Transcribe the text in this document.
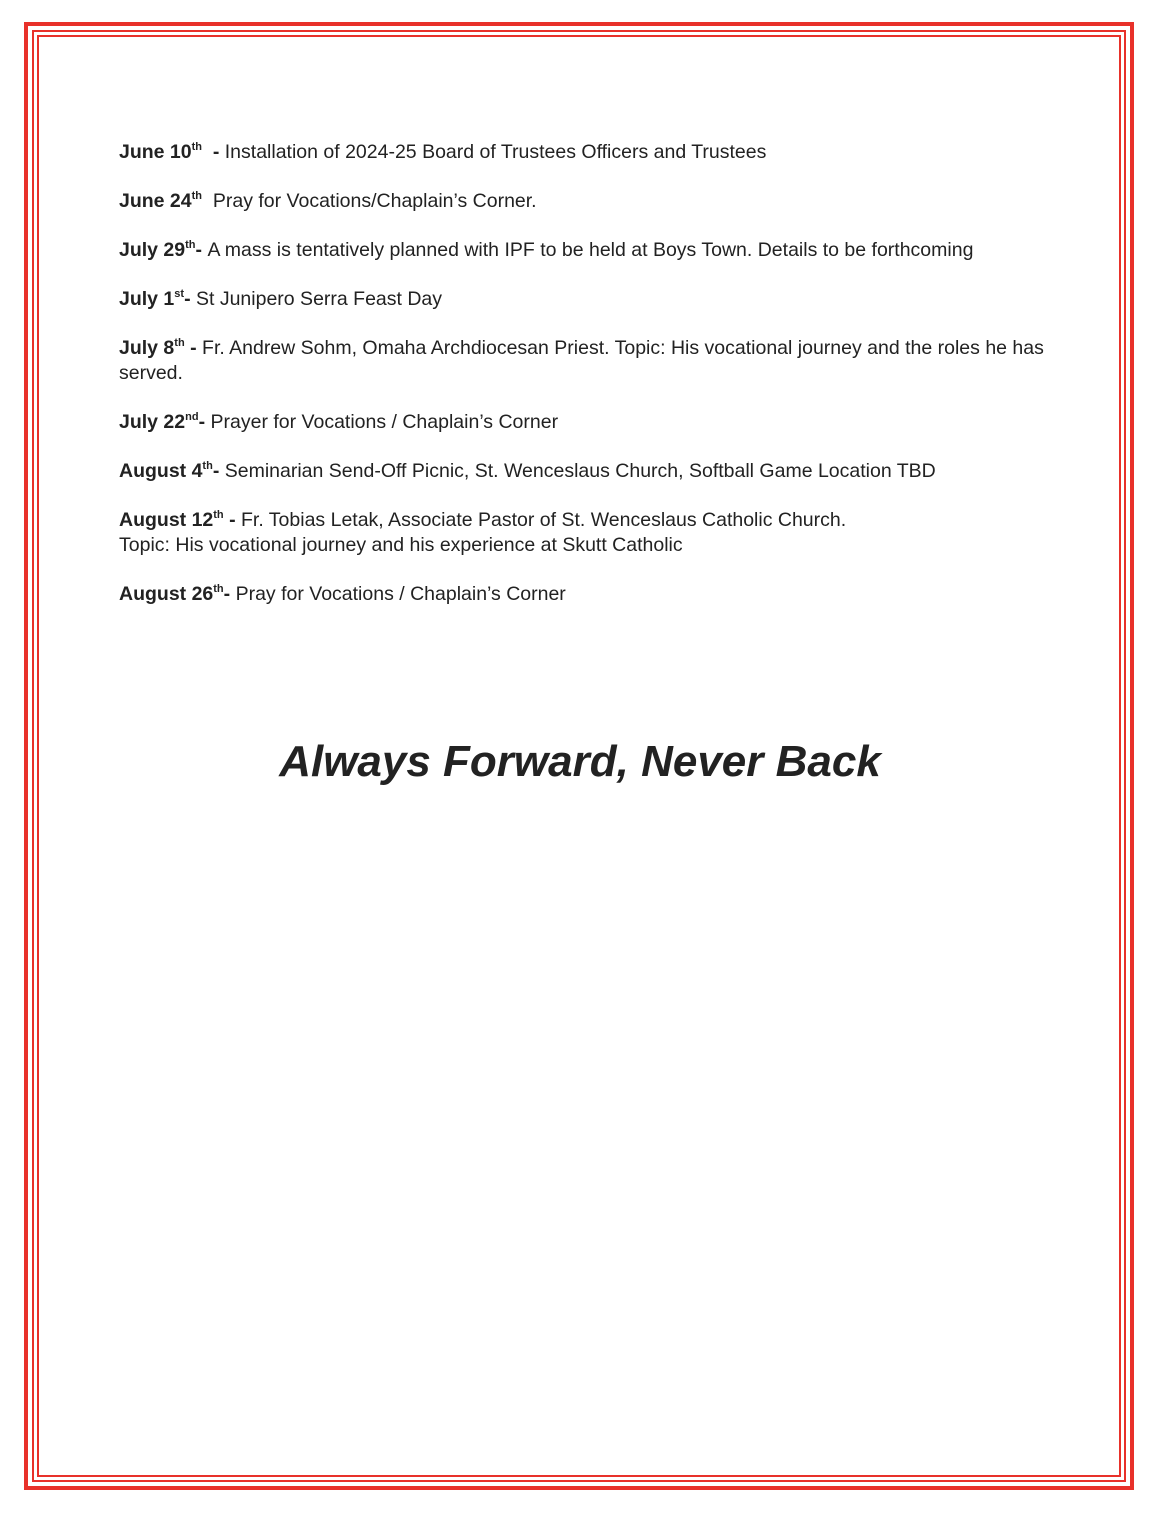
June 10th  - Installation of 2024-25 Board of Trustees Officers and Trustees

June 24th Pray for Vocations/Chaplain’s Corner.

July 29th- A mass is tentatively planned with IPF to be held at Boys Town. Details to be forthcoming

July 1st- St Junipero Serra Feast Day

July 8th - Fr. Andrew Sohm, Omaha Archdiocesan Priest. Topic: His vocational journey and the roles he has served.

July 22nd- Prayer for Vocations / Chaplain’s Corner

August 4th- Seminarian Send-Off Picnic, St. Wenceslaus Church, Softball Game Location TBD

August 12th - Fr. Tobias Letak, Associate Pastor of St. Wenceslaus Catholic Church.
Topic: His vocational journey and his experience at Skutt Catholic

August 26th- Pray for Vocations / Chaplain’s Corner

Always Forward, Never Back
